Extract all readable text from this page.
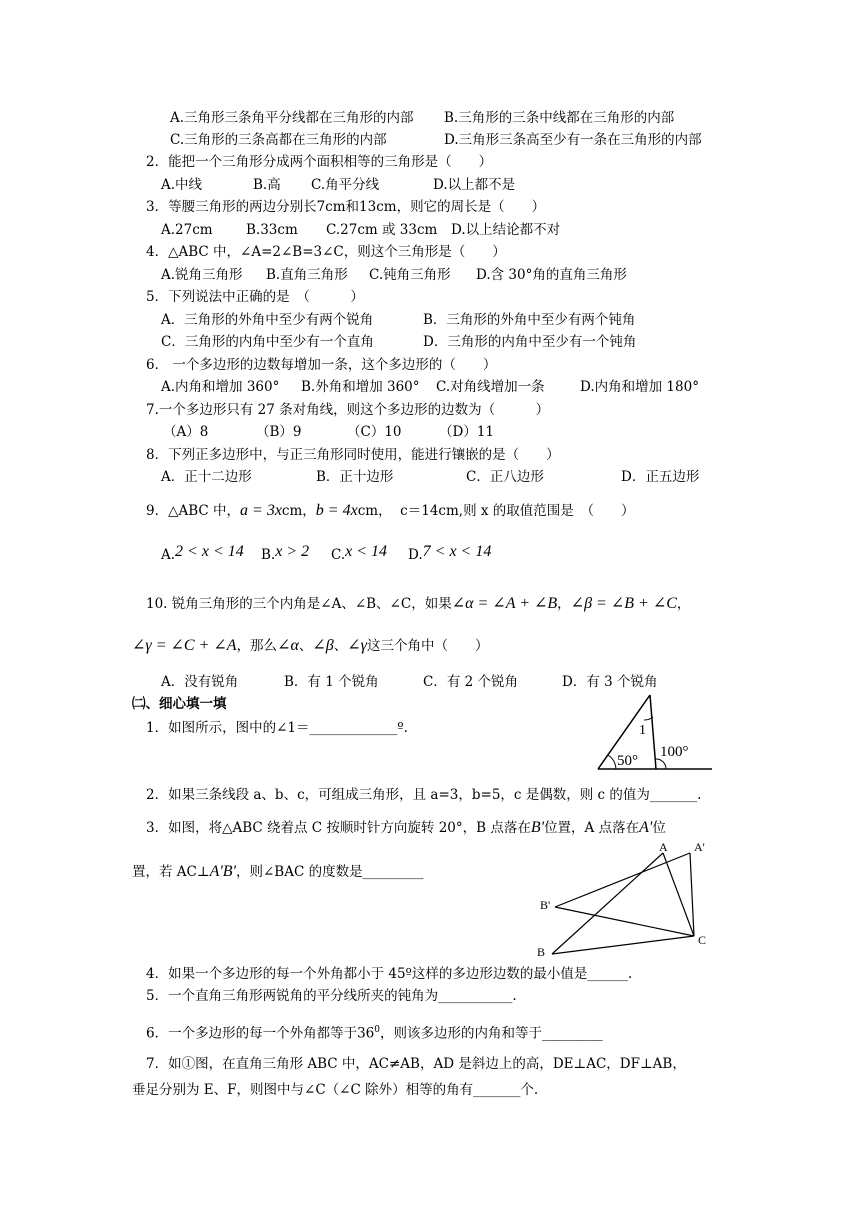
A.三角形三条角平分线都在三角形的内部 B.三角形的三条中线都在三角形的内部
C.三角形的三条高都在三角形的内部	D.三角形三条高至少有一条在三角形的内部
2．能把一个三角形分成两个面积相等的三角形是（　　）
A.中线	B.高 C.角平分线	D.以上都不是
3．等腰三角形的两边分别长7cm和13cm，则它的周长是（　　）
A.27cm B.33cm C.27cm 或 33cm D.以上结论都不对
4．△ABC 中，∠A=2∠B=3∠C，则这个三角形是（　　）
A.锐角三角形 B.直角三角形 C.钝角三角形 D.含 30°角的直角三角形
5．下列说法中正确的是　（　　　）
A．三角形的外角中至少有两个锐角	B．三角形的外角中至少有两个钝角
C．三角形的内角中至少有一个直角	D．三角形的内角中至少有一个钝角
6． 一个多边形的边数每增加一条，这个多边形的（　　）
A.内角和增加 360° B.外角和增加 360° C.对角线增加一条	D.内角和增加 180°
7.一个多边形只有 27 条对角线，则这个多边形的边数为（　　　）
（A）8	（B）9	（C）10	（D）11
8．下列正多边形中，与正三角形同时使用，能进行镶嵌的是（　　）
A．正十二边形	B．正十边形	C．正八边形	D．正五边形
9．△ABC 中，a = 3xcm，b = 4xcm， c＝14cm,则 x 的取值范围是　（　　）
A.2 < x < 14 B.x > 2 C.x < 14 D.7 < x < 14
10. 锐角三角形的三个内角是∠A、∠B、∠C，如果∠α = ∠A + ∠B，∠β = ∠B + ∠C，
∠γ = ∠C + ∠A，那么∠α、∠β、∠γ这三个角中（　　）
A．没有锐角	B．有 1 个锐角	C．有 2 个锐角	D．有 3 个锐角
㈡、细心填一填
1．如图所示，图中的∠1＝_____________º.	1
50°
100°
2．如果三条线段 a、b、c，可组成三角形，且 a=3，b=5，c 是偶数，则 c 的值为_______.
3．如图，将△ABC 绕着点 C 按顺时针方向旋转 20°，B 点落在B'位置，A 点落在A'位
置，若 AC⊥A'B'，则∠BAC 的度数是_________
A A'
B'
B
C
4．如果一个多边形的每一个外角都小于 45º这样的多边形边数的最小值是______.
5．一个直角三角形两锐角的平分线所夹的钝角为___________.
6．一个多边形的每一个外角都等于$36^0$，则该多边形的内角和等于_________
7．如①图，在直角三角形 ABC 中，AC≠AB，AD 是斜边上的高，DE⊥AC，DF⊥AB，
垂足分别为 E、F，则图中与∠C（∠C 除外）相等的角有_______个.
